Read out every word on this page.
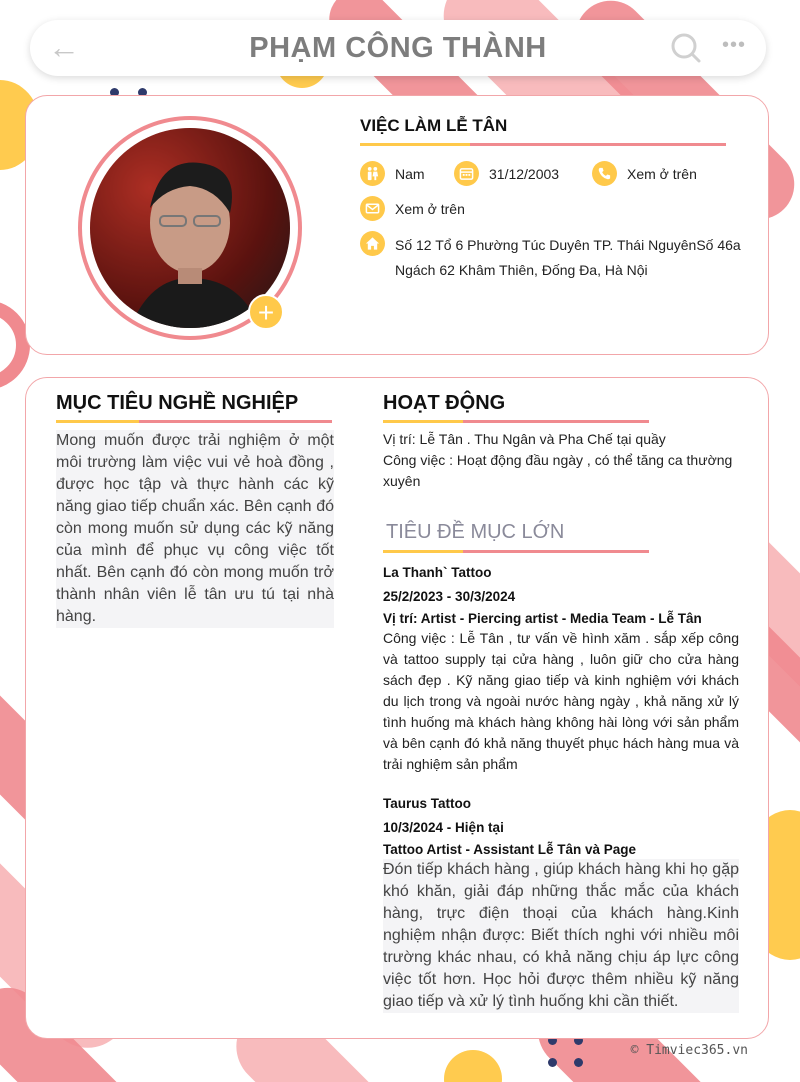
←	PHẠM CÔNG THÀNH	•••
+
VIỆC LÀM LỄ TÂN
Nam	31/12/2003	Xem ở trên
Xem ở trên
Số 12 Tổ 6 Phường Túc Duyên TP. Thái NguyênSố 46a Ngách 62 Khâm Thiên, Đống Đa, Hà Nội
MỤC TIÊU NGHỀ NGHIỆP
Mong muốn được trải nghiệm ở một môi trường làm việc vui vẻ hoà đồng , được học tập và thực hành các kỹ năng giao tiếp chuẩn xác. Bên cạnh đó còn mong muốn sử dụng các kỹ năng của mình để phục vụ công việc tốt nhất. Bên cạnh đó còn mong muốn trở thành nhân viên lễ tân ưu tú tại nhà hàng.
HOẠT ĐỘNG
Vị trí: Lễ Tân . Thu Ngân và Pha Chế tại quầy
Công việc : Hoạt động đầu ngày , có thể tăng ca thường xuyên
TIÊU ĐỀ MỤC LỚN
La Thanh` Tattoo
25/2/2023 - 30/3/2024
Vị trí: Artist - Piercing artist - Media Team - Lễ Tân
Công việc : Lễ Tân , tư vấn về hình xăm . sắp xếp công và tattoo supply tại cửa hàng , luôn giữ cho cửa hàng sách đẹp . Kỹ năng giao tiếp và kinh nghiệm với khách du lịch trong và ngoài nước hàng ngày , khả năng xử lý tình huống mà khách hàng không hài lòng với sản phẩm và bên cạnh đó khả năng thuyết phục hách hàng mua và trải nghiệm sản phẩm
Taurus Tattoo
10/3/2024 - Hiện tại
Tattoo Artist - Assistant Lễ Tân và Page
Đón tiếp khách hàng , giúp khách hàng khi họ gặp khó khăn, giải đáp những thắc mắc của khách hàng, trực điện thoại của khách hàng.Kinh nghiệm nhận được: Biết thích nghi với nhiều môi trường khác nhau, có khả năng chịu áp lực công việc tốt hơn. Học hỏi được thêm nhiều kỹ năng giao tiếp và xử lý tình huống khi cần thiết.
© Timviec365.vn
